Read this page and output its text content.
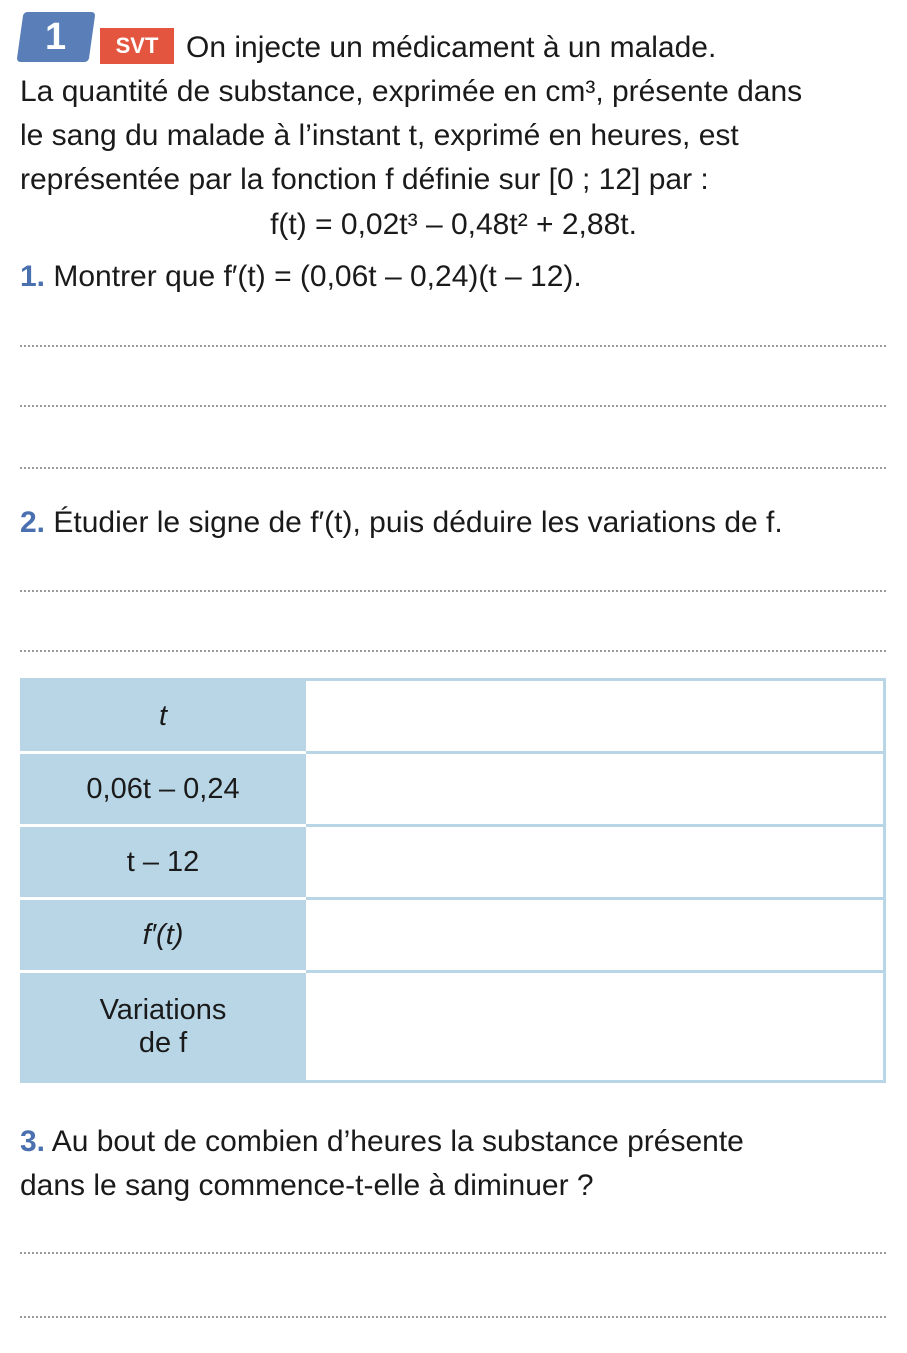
1	SVT On injecte un médicament à un malade.
La quantité de substance, exprimée en cm³, présente dans
le sang du malade à l’instant t, exprimé en heures, est
représentée par la fonction f définie sur [0 ; 12] par :
f(t) = 0,02t³ – 0,48t² + 2,88t.
1. Montrer que f′(t) = (0,06t – 0,24)(t – 12).
2. Étudier le signe de f′(t), puis déduire les variations de f.
t	
0,06t – 0,24	
t – 12	
f′(t)	

Variations
de f	

3. Au bout de combien d’heures la substance présente
dans le sang commence-t-elle à diminuer ?
